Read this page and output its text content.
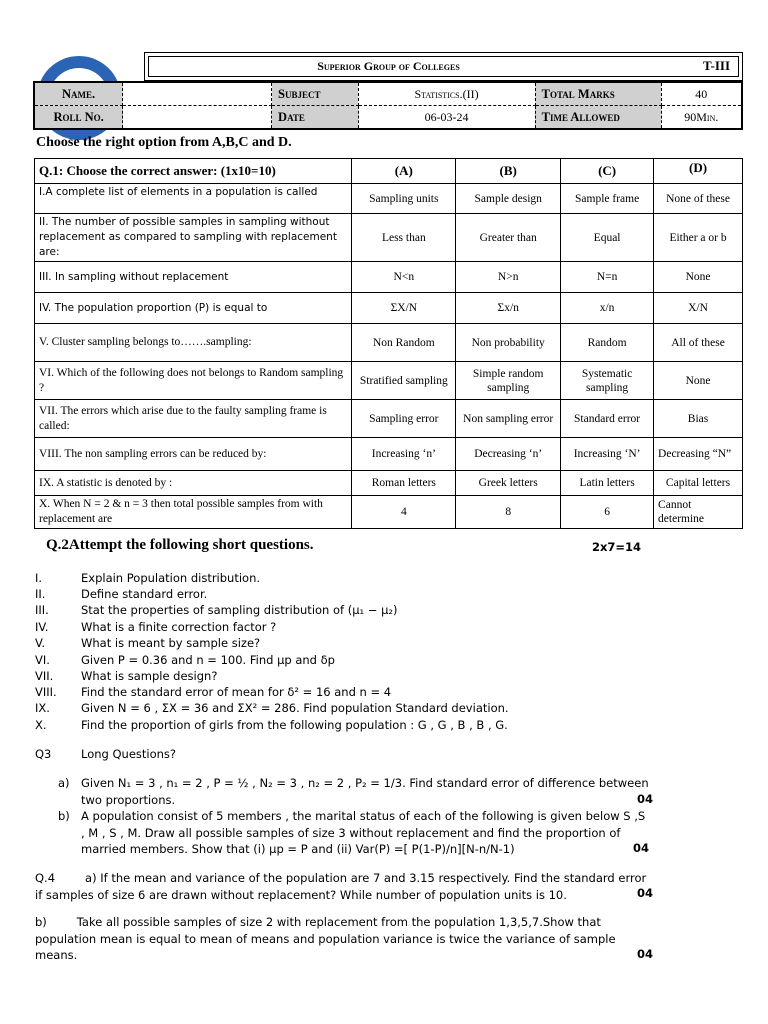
Superior Group of Colleges	T-III
Name.		Subject	Statistics.(II)	Total Marks	40
Roll No.		Date	06-03-24	Time Allowed	90Min.
Choose the right option from A,B,C and D.
Q.1: Choose the correct answer: (1x10=10)	(A)	(B)	(C)	(D)
I.A complete list of elements in a population is called	Sampling units	Sample design	Sample frame	None of these
II. The number of possible samples in sampling without replacement as compared to sampling with replacement are:	Less than	Greater than	Equal	Either a or b
III. In sampling without replacement	N<n	N>n	N=n	None
IV. The population proportion (P) is equal to	ΣX/N	Σx/n	x/n	X/N
V. Cluster sampling belongs to…….sampling:	Non Random	Non probability	Random	All of these
VI. Which of the following does not belongs to Random sampling ?	Stratified sampling	Simple random sampling	Systematic sampling	None
VII. The errors which arise due to the faulty sampling frame is called:	Sampling error	Non sampling error	Standard error	Bias
VIII. The non sampling errors can be reduced by:	Increasing ‘n’	Decreasing ‘n’	Increasing ‘N’	Decreasing “N”
IX. A statistic is denoted by :	Roman letters	Greek letters	Latin letters	Capital letters
X. When N = 2 & n = 3 then total possible samples from with replacement are	4	8	6	Cannot determine
Q.2Attempt the following short questions.	2x7=14
I.	Explain Population distribution.
II.	Define standard error.
III.	Stat the properties of sampling distribution of (μ₁ − μ₂)
IV.	What is a finite correction factor ?
V.	What is meant by sample size?
VI.	Given P = 0.36 and n = 100. Find μp and δp
VII. What is sample design?
VIII. Find the standard error of mean for δ² = 16 and n = 4
IX.	Given N = 6 , ΣX = 36 and ΣX² = 286. Find population Standard deviation.
X.	Find the proportion of girls from the following population : G , G , B , B , G.
Q3	Long Questions?
a) Given N₁ = 3 , n₁ = 2 , P = ½ , N₂ = 3 , n₂ = 2 , P₂ = 1/3. Find standard error of difference between two proportions.	04
b) A population consist of 5 members , the marital status of each of the following is given below S ,S , M , S , M. Draw all possible samples of size 3 without replacement and find the proportion of married members. Show that (i) μp = P and (ii) Var(P) =[ P(1-P)/n][N-n/N-1)	04
Q.4	a) If the mean and variance of the population are 7 and 3.15 respectively. Find the standard error if samples of size 6 are drawn without replacement? While number of population units is 10.	04
b)	Take all possible samples of size 2 with replacement from the population 1,3,5,7.Show that population mean is equal to mean of means and population variance is twice the variance of sample means.	04
